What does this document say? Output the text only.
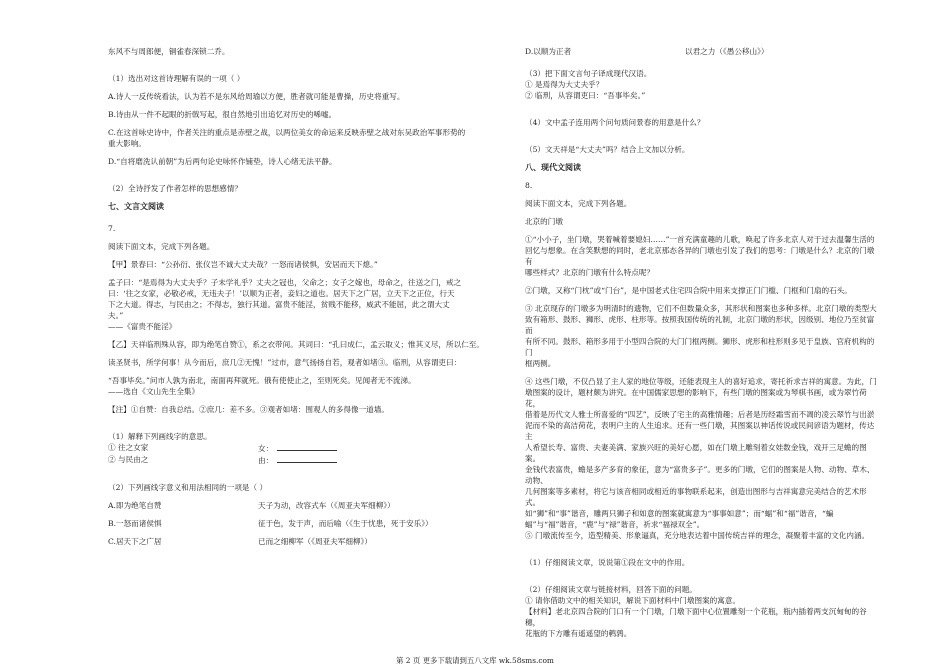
东风不与周郎便，铜雀春深锁二乔。

（1）选出对这首诗理解有误的一项（ ）

A.诗人一反传统看法，认为若不是东风给周瑜以方便，胜者就可能是曹操，历史将重写。

B.诗由从一件不起眼的折戟写起，很自然地引出追忆对历史的唏嘘。

C.在这首咏史诗中，作者关注的重点是赤壁之战，以两位美女的命运来反映赤壁之战对东吴政治军事形势的

重大影响。

D.“自将磨洗认前朝”为后两句论史咏怀作铺垫，诗人心绪无法平静。

（2）全诗抒发了作者怎样的思想感情？

七、文言文阅读

7.

阅读下面文本，完成下列各题。

【甲】景春曰：“公孙衍、张仪岂不诚大丈夫哉？一怒而诸侯惧，安居而天下熄。”

孟子曰：“是焉得为大丈夫乎？子未学礼乎？丈夫之冠也，父命之；女子之嫁也，母命之，往送之门，戒之

曰：‘往之女家，必敬必戒，无违夫子！’以顺为正者，妾妇之道也。居天下之广居，立天下之正位，行天

下之大道。得志，与民由之；不得志，独行其道。富贵不能淫，贫贱不能移，威武不能屈，此之谓大丈

夫。”

——《富贵不能淫》

【乙】天祥临刑殊从容，即为绝笔自赞①，系之衣带间。其词曰：“孔曰成仁，孟云取义；惟其义尽，所以仁至。

读圣贤书，所学何事！从今而后，庶几②无愧！”过市，意气扬扬自若，观者如堵③。临刑，从容谓吏曰：

“吾事毕矣。”问市人孰为南北，南面再拜就死。俄有使使止之，至则死矣。见闻者无不流涕。

——选自《文山先生全集》

【注】①自赞：自我总结。②庶几：差不多。③观者如堵：围观人的多得像一道墙。

（1）解释下列画线字的意思。

① 往之女家	女：
② 与民由之	由：

（2）下列画线字意义和用法相同的一项是（ ）

A.即为绝笔自赞	天子为动，改容式车（《周亚夫军细柳》）
B.一怒而诸侯惧	征于色，发于声，而后喻（《生于忧患，死于安乐》）
C.居天下之广居	已而之细柳军（《周亚夫军细柳》）
D.以顺为正者	以君之力（《愚公移山》）

（3）把下面文言句子译成现代汉语。

① 是焉得为大丈夫乎？

② 临刑，从容谓吏曰：“吾事毕矣。”

（4）文中孟子连用两个问句质问景春的用意是什么？

（5）文天祥是“大丈夫”吗？结合上文加以分析。

八、现代文阅读

8.

阅读下面文本，完成下列各题。

北京的门墩

①“小小子，坐门墩，哭着喊着要媳妇……”一首充满童趣的儿歌，唤起了许多北京人对于过去温馨生活的

回忆与想象。在含笑默想的同时，老北京那态各异的门墩也引发了我们的思考：门墩是什么？北京的门墩有

哪些样式？北京的门墩有什么特点呢？

②门墩，又称“门枕”或“门台”，是中国老式住宅四合院中用来支撑正门门槛、门框和门扇的石头。

③ 北京现存的门墩多为明清时的遗物，它们不但数量众多，其形状和图案也多种多样。北京门墩的类型大

致有箱形、鼓形、狮形、虎形、柱形等。按照我国传统的礼制，北京门墩的形状，因级别、地位乃至贫富而

有所不同。鼓形、箱形多用于小型四合院的大门门框两侧。狮形、虎形和柱形则多见于皇族、官府机构的门

框两侧。

④ 这些门墩，不仅凸显了主人家的地位等级，还能表现主人的喜好追求，寄托祈求吉祥的寓意。为此，门

墩图案的设计，题材颇为讲究。在中国儒家思想的影响下，有些门墩的图案或为琴棋书画，或为翠竹荷花，

借着是历代文人雅士所喜爱的“四艺”，反映了宅主的高雅情趣；后者是历经霜雪而不凋的凌云翠竹与出淤

泥而不染的高洁荷花，表明户主的人生追求。还有一些门墩，其图案以神话传说或民间谚语为题材，传达主

人希望长寿、富贵、夫妻美满、家族兴旺的美好心愿，如在门墩上雕刻着女娃数金钱，戏开三足蟾的图案。

金钱代表富贵，蟾是多产多育的象征，意为“富贵多子”。更多的门墩，它们的图案是人物、动物、草木、动物、

几何图案等多素材，将它与该音相同或相近的事物联系起来，创造出图形与吉祥寓意完美结合的艺术形式。

如“狮”和“事”谐音，雕两只狮子和如意的图案就寓意为“事事如意”；而“蝠”和“福”谐音，“蝙

蝠”与“福”谐音，“鹿”与“禄”谐音，祈求“福禄双全”。

⑤ 门墩流传至今，造型精美、形象逼真，充分地表达着中国传统吉祥的理念，凝聚着丰富的文化内涵。

（1）仔细阅读文章，说说第①段在文中的作用。

（2）仔细阅读文章与链接材料，回答下面的问题。

① 请你借助文中的相关知识，解说下面材料中门墩图案的寓意。

【材料】老北京四合院的门口有一个门墩，门墩下面中心位置雕刻一个花瓶，瓶内插着两支沉甸甸的谷穗，

花瓶的下方雕有遥遥望的鹌鹑。

第 2 页 更多下载请到五八文库 wk.58sms.com
